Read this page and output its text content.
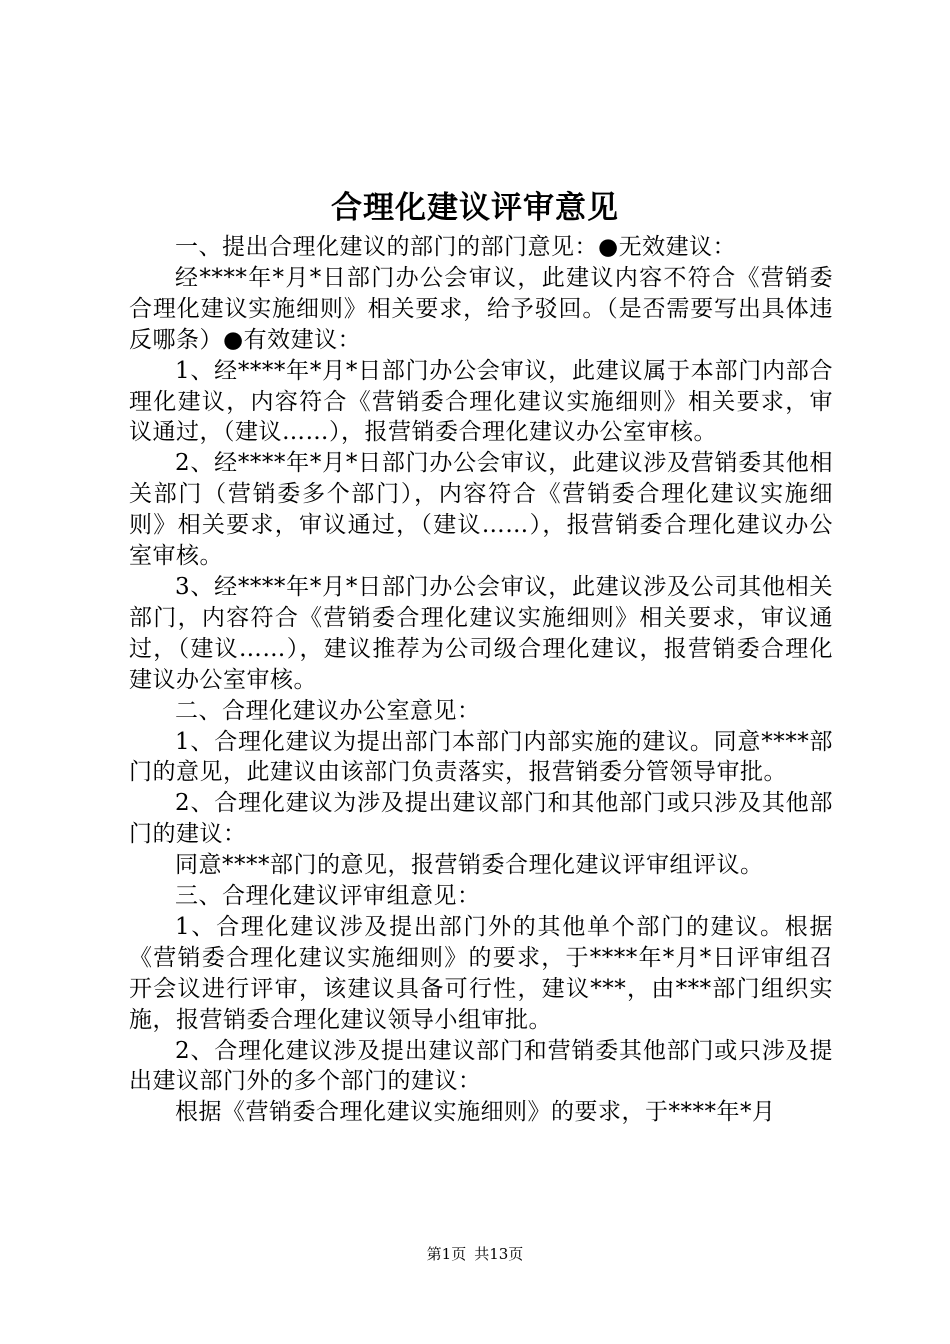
合理化建议评审意见

一、提出合理化建议的部门的部门意见：●无效建议：

经****年*月*日部门办公会审议，此建议内容不符合《营销委合理化建议实施细则》相关要求，给予驳回。（是否需要写出具体违反哪条）●有效建议：

1、经****年*月*日部门办公会审议，此建议属于本部门内部合理化建议，内容符合《营销委合理化建议实施细则》相关要求，审议通过，（建议……），报营销委合理化建议办公室审核。

2、经****年*月*日部门办公会审议，此建议涉及营销委其他相关部门（营销委多个部门），内容符合《营销委合理化建议实施细则》相关要求，审议通过，（建议……），报营销委合理化建议办公室审核。

3、经****年*月*日部门办公会审议，此建议涉及公司其他相关部门，内容符合《营销委合理化建议实施细则》相关要求，审议通过，（建议……），建议推荐为公司级合理化建议，报营销委合理化建议办公室审核。

二、合理化建议办公室意见：

1、合理化建议为提出部门本部门内部实施的建议。同意****部门的意见，此建议由该部门负责落实，报营销委分管领导审批。

2、合理化建议为涉及提出建议部门和其他部门或只涉及其他部门的建议：

同意****部门的意见，报营销委合理化建议评审组评议。

三、合理化建议评审组意见：

1、合理化建议涉及提出部门外的其他单个部门的建议。根据《营销委合理化建议实施细则》的要求，于****年*月*日评审组召开会议进行评审，该建议具备可行性，建议***，由***部门组织实施，报营销委合理化建议领导小组审批。

2、合理化建议涉及提出建议部门和营销委其他部门或只涉及提出建议部门外的多个部门的建议：

根据《营销委合理化建议实施细则》的要求，于****年*月

第1页 共13页
